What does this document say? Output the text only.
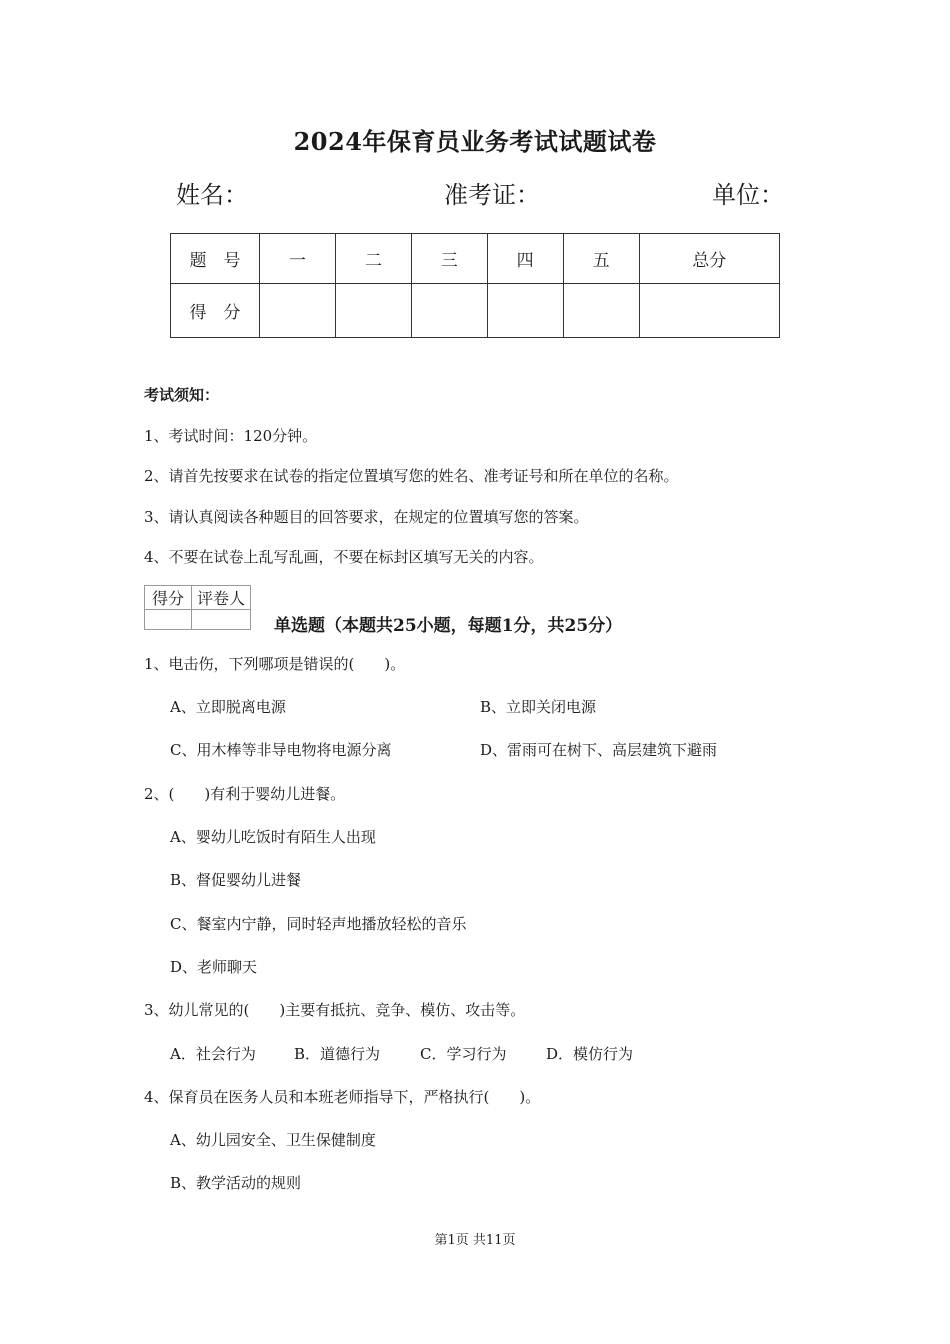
2024年保育员业务考试试题试卷
姓名：	准考证：	单位：
题　号	一	二	三	四	五	总分
得　分						
考试须知：
1、考试时间：120分钟。
2、请首先按要求在试卷的指定位置填写您的姓名、准考证号和所在单位的名称。
3、请认真阅读各种题目的回答要求，在规定的位置填写您的答案。
4、不要在试卷上乱写乱画，不要在标封区填写无关的内容。
得分	评卷人

单选题（本题共25小题，每题1分，共25分）
1、电击伤，下列哪项是错误的(　　)。
A、立即脱离电源	B、立即关闭电源
C、用木棒等非导电物将电源分离	D、雷雨可在树下、高层建筑下避雨
2、(　　)有利于婴幼儿进餐。
A、婴幼儿吃饭时有陌生人出现
B、督促婴幼儿进餐
C、餐室内宁静，同时轻声地播放轻松的音乐
D、老师聊天
3、幼儿常见的(　　)主要有抵抗、竞争、模仿、攻击等。
A．社会行为	B．道德行为	C．学习行为	D．模仿行为
4、保育员在医务人员和本班老师指导下，严格执行(　　)。
A、幼儿园安全、卫生保健制度
B、教学活动的规则
第1页 共11页
